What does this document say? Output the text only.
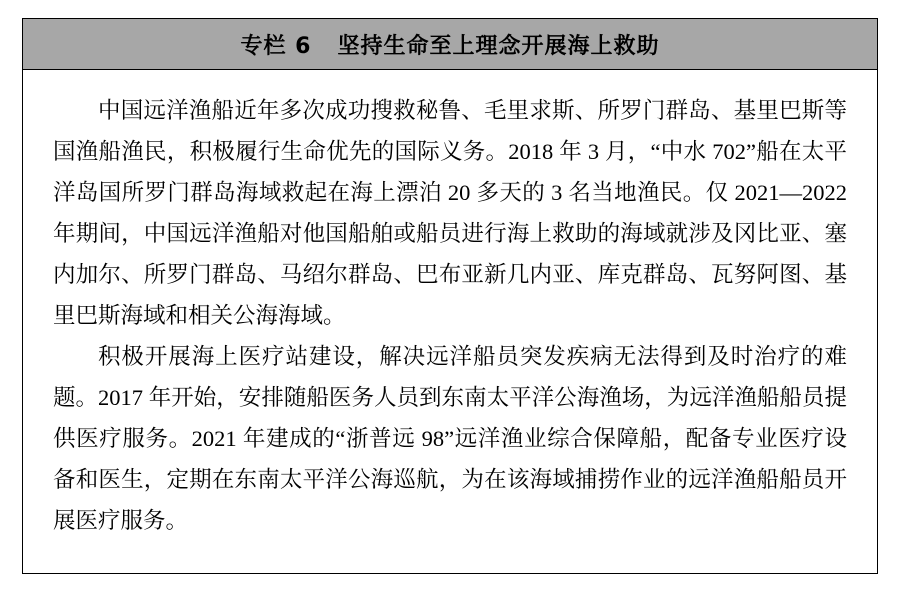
专栏 6   坚持生命至上理念开展海上救助

中国远洋渔船近年多次成功搜救秘鲁、毛里求斯、所罗门群岛、基里巴斯等国渔船渔民，积极履行生命优先的国际义务。2018 年 3 月，“中水 702”船在太平洋岛国所罗门群岛海域救起在海上漂泊 20 多天的 3 名当地渔民。仅 2021—2022 年期间，中国远洋渔船对他国船舶或船员进行海上救助的海域就涉及冈比亚、塞内加尔、所罗门群岛、马绍尔群岛、巴布亚新几内亚、库克群岛、瓦努阿图、基里巴斯海域和相关公海海域。

积极开展海上医疗站建设，解决远洋船员突发疾病无法得到及时治疗的难题。2017 年开始，安排随船医务人员到东南太平洋公海渔场，为远洋渔船船员提供医疗服务。2021 年建成的“浙普远 98”远洋渔业综合保障船，配备专业医疗设备和医生，定期在东南太平洋公海巡航，为在该海域捕捞作业的远洋渔船船员开展医疗服务。
